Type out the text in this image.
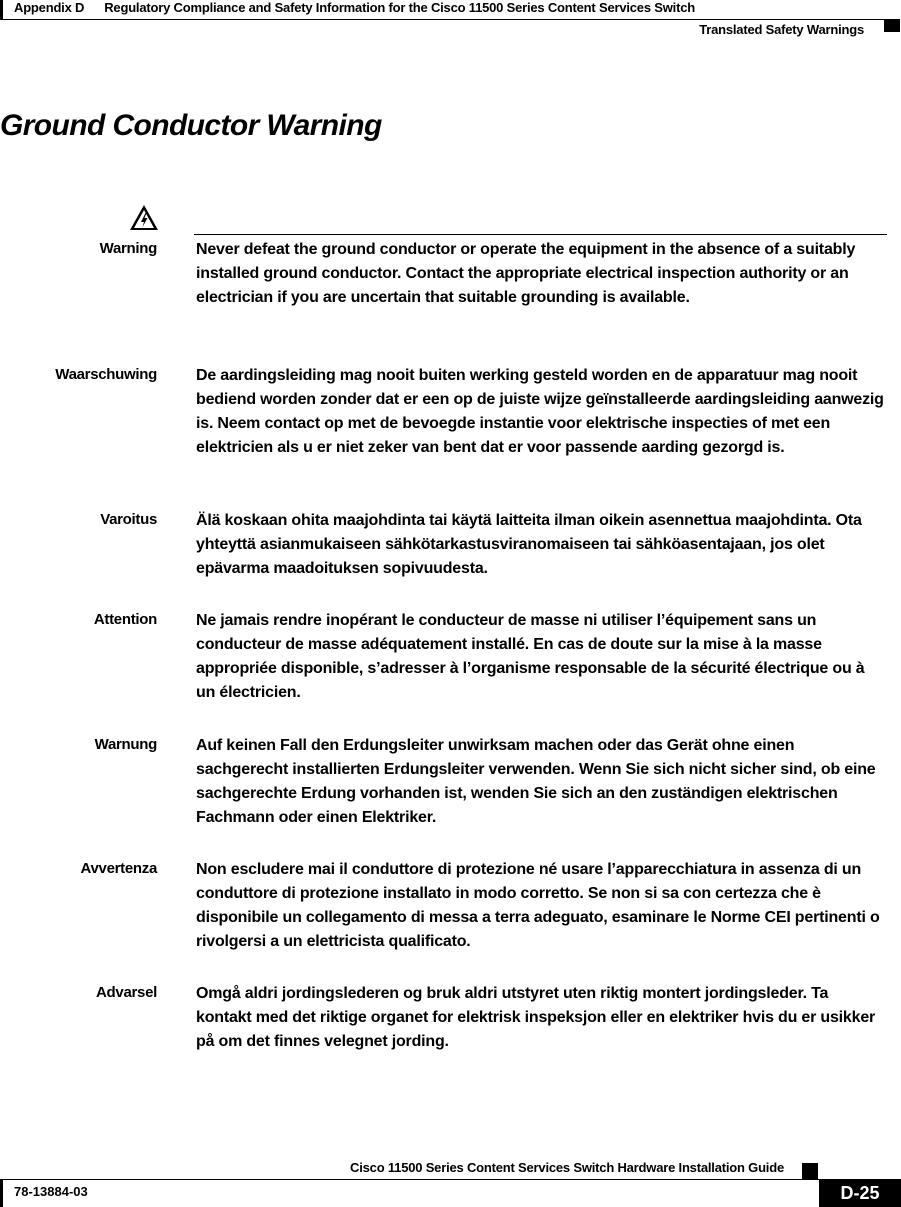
Appendix D Regulatory Compliance and Safety Information for the Cisco 11500 Series Content Services Switch
Translated Safety Warnings
Ground Conductor Warning
Warning Never defeat the ground conductor or operate the equipment in the absence of a suitably installed ground conductor. Contact the appropriate electrical inspection authority or an electrician if you are uncertain that suitable grounding is available.
Waarschuwing De aardingsleiding mag nooit buiten werking gesteld worden en de apparatuur mag nooit bediend worden zonder dat er een op de juiste wijze geïnstalleerde aardingsleiding aanwezig is. Neem contact op met de bevoegde instantie voor elektrische inspecties of met een elektricien als u er niet zeker van bent dat er voor passende aarding gezorgd is.
Varoitus Älä koskaan ohita maajohdinta tai käytä laitteita ilman oikein asennettua maajohdinta. Ota yhteyttä asianmukaiseen sähkötarkastusviranomaiseen tai sähköasentajaan, jos olet epävarma maadoituksen sopivuudesta.
Attention Ne jamais rendre inopérant le conducteur de masse ni utiliser l’équipement sans un conducteur de masse adéquatement installé. En cas de doute sur la mise à la masse appropriée disponible, s’adresser à l’organisme responsable de la sécurité électrique ou à un électricien.
Warnung Auf keinen Fall den Erdungsleiter unwirksam machen oder das Gerät ohne einen sachgerecht installierten Erdungsleiter verwenden. Wenn Sie sich nicht sicher sind, ob eine sachgerechte Erdung vorhanden ist, wenden Sie sich an den zuständigen elektrischen Fachmann oder einen Elektriker.
Avvertenza Non escludere mai il conduttore di protezione né usare l’apparecchiatura in assenza di un conduttore di protezione installato in modo corretto. Se non si sa con certezza che è disponibile un collegamento di messa a terra adeguato, esaminare le Norme CEI pertinenti o rivolgersi a un elettricista qualificato.
Advarsel Omgå aldri jordingslederen og bruk aldri utstyret uten riktig montert jordingsleder. Ta kontakt med det riktige organet for elektrisk inspeksjon eller en elektriker hvis du er usikker på om det finnes velegnet jording.
Cisco 11500 Series Content Services Switch Hardware Installation Guide
78-13884-03	D-25
